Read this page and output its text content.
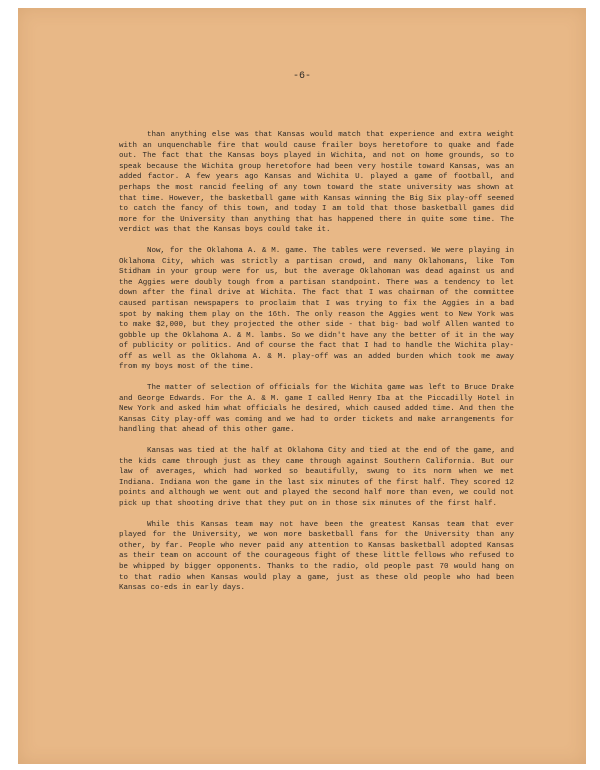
-6-

than anything else was that Kansas would match that experience and extra weight with an unquenchable fire that would cause frailer boys heretofore to quake and fade out. The fact that the Kansas boys played in Wichita, and not on home grounds, so to speak because the Wichita group heretofore had been very hostile toward Kansas, was an added factor. A few years ago Kansas and Wichita U. played a game of football, and perhaps the most rancid feeling of any town toward the state university was shown at that time. However, the basketball game with Kansas winning the Big Six play-off seemed to catch the fancy of this town, and today I am told that those basketball games did more for the University than anything that has happened there in quite some time. The verdict was that the Kansas boys could take it.

Now, for the Oklahoma A. & M. game. The tables were reversed. We were playing in Oklahoma City, which was strictly a partisan crowd, and many Oklahomans, like Tom Stidham in your group were for us, but the average Oklahoman was dead against us and the Aggies were doubly tough from a partisan standpoint. There was a tendency to let down after the final drive at Wichita. The fact that I was chairman of the committee caused partisan newspapers to proclaim that I was trying to fix the Aggies in a bad spot by making them play on the 16th. The only reason the Aggies went to New York was to make $2,000, but they projected the other side - that big- bad wolf Allen wanted to gobble up the Oklahoma A. & M. lambs. So we didn't have any the better of it in the way of publicity or politics. And of course the fact that I had to handle the Wichita play-off as well as the Oklahoma A. & M. play-off was an added burden which took me away from my boys most of the time.

The matter of selection of officials for the Wichita game was left to Bruce Drake and George Edwards. For the A. & M. game I called Henry Iba at the Piccadilly Hotel in New York and asked him what officials he desired, which caused added time. And then the Kansas City play-off was coming and we had to order tickets and make arrangements for handling that ahead of this other game.

Kansas was tied at the half at Oklahoma City and tied at the end of the game, and the kids came through just as they came through against Southern California. But our law of averages, which had worked so beautifully, swung to its norm when we met Indiana. Indiana won the game in the last six minutes of the first half. They scored 12 points and although we went out and played the second half more than even, we could not pick up that shooting drive that they put on in those six minutes of the first half.

While this Kansas team may not have been the greatest Kansas team that ever played for the University, we won more basketball fans for the University than any other, by far. People who never paid any attention to Kansas basketball adopted Kansas as their team on account of the courageous fight of these little fellows who refused to be whipped by bigger opponents. Thanks to the radio, old people past 70 would hang on to that radio when Kansas would play a game, just as these old people who had been Kansas co-eds in early days.
